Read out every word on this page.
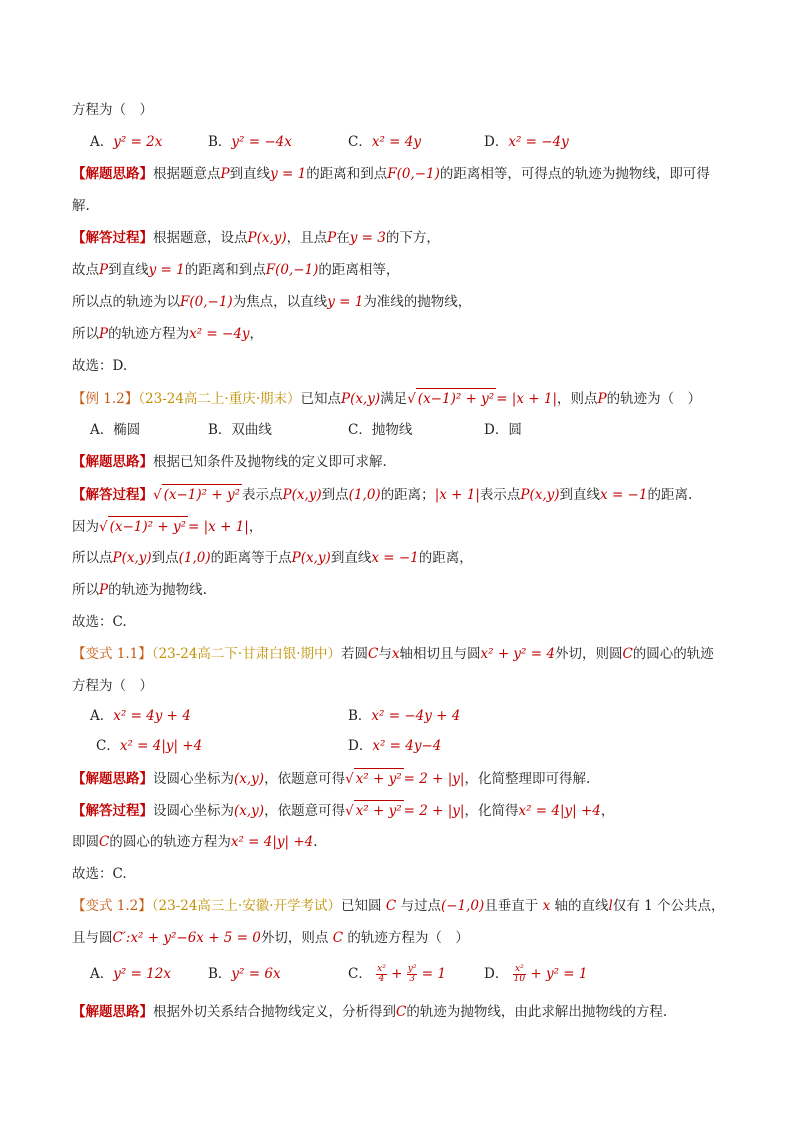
方程为（　）
A．y² = 2x	B．y² = −4x	C．x² = 4y	D．x² = −4y
【解题思路】根据题意点P到直线y = 1的距离和到点F(0,−1)的距离相等，可得点的轨迹为抛物线，即可得
解.
【解答过程】根据题意，设点P(x,y)，且点P在y = 3的下方，
故点P到直线y = 1的距离和到点F(0,−1)的距离相等，
所以点的轨迹为以F(0,−1)为焦点，以直线y = 1为准线的抛物线，
所以P的轨迹方程为x² = −4y，
故选：D.
【例 1.2】（23-24高二上·重庆·期末）已知点P(x,y)满足√ (x−1)² + y² = |x + 1|，则点P的轨迹为（　）
A．椭圆	B．双曲线	C．抛物线	D．圆
【解题思路】根据已知条件及抛物线的定义即可求解.
【解答过程】√ (x−1)² + y² 表示点P(x,y)到点(1,0)的距离；|x + 1|表示点P(x,y)到直线x = −1的距离.
因为√ (x−1)² + y² = |x + 1|，
所以点P(x,y)到点(1,0)的距离等于点P(x,y)到直线x = −1的距离，
所以P的轨迹为抛物线.
故选：C.
【变式 1.1】（23-24高二下·甘肃白银·期中）若圆C与x轴相切且与圆x² + y² = 4外切，则圆C的圆心的轨迹
方程为（　）
A．x² = 4y + 4	B．x² = −4y + 4
C．x² = 4|y| +4	D．x² = 4y−4
【解题思路】设圆心坐标为(x,y)，依题意可得√ x² + y² = 2 + |y|，化简整理即可得解.
【解答过程】设圆心坐标为(x,y)，依题意可得√ x² + y² = 2 + |y|，化简得x² = 4|y| +4，
即圆C的圆心的轨迹方程为x² = 4|y| +4.
故选：C.
【变式 1.2】（23-24高三上·安徽·开学考试）已知圆 C 与过点(−1,0)且垂直于 x 轴的直线l仅有 1 个公共点，
且与圆C′:x² + y²−6x + 5 = 0外切，则点 C 的轨迹方程为（　）
A．y² = 12x	B．y² = 6x	C． $\frac{\text{x²}}{4} + \frac{\text{y²}}{3} = 1$	D． $\frac{\text{x²}}{10} + y^2 = 1$
【解题思路】根据外切关系结合抛物线定义，分析得到C的轨迹为抛物线，由此求解出抛物线的方程.
